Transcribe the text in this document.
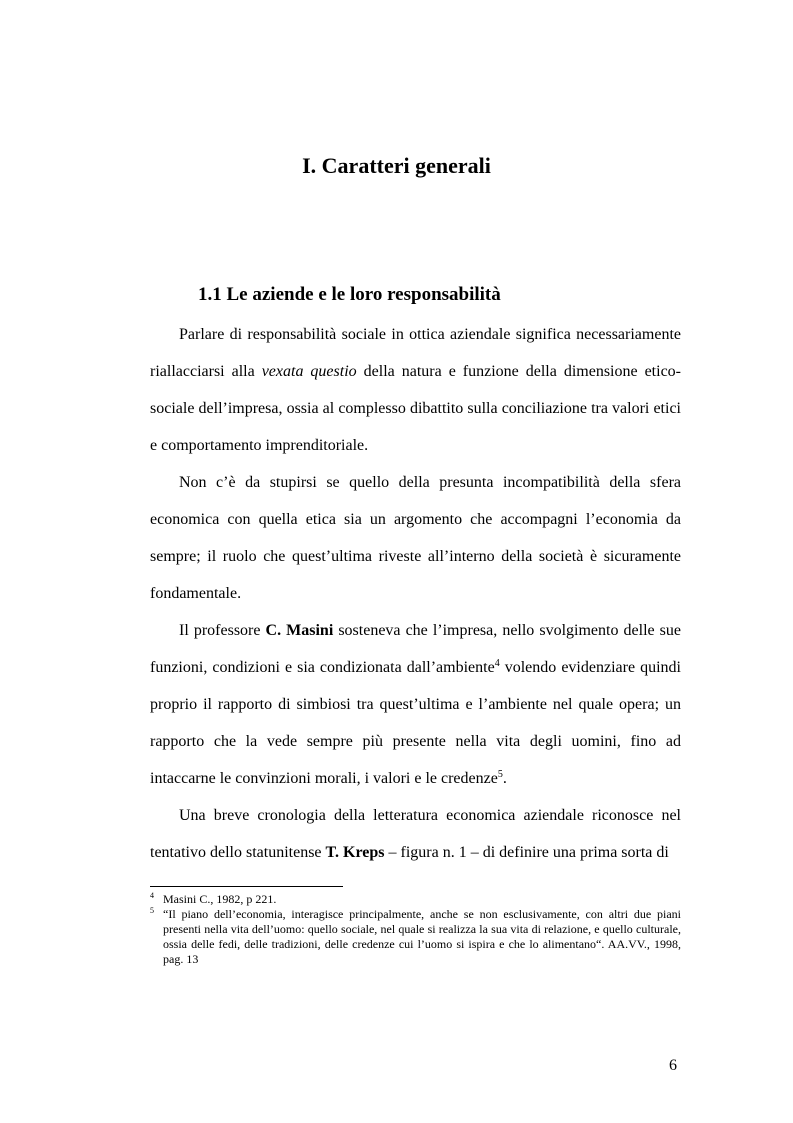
I. Caratteri generali
1.1 Le aziende e le loro responsabilità

Parlare di responsabilità sociale in ottica aziendale significa necessariamente riallacciarsi alla vexata questio della natura e funzione della dimensione etico-sociale dell’impresa, ossia al complesso dibattito sulla conciliazione tra valori etici e comportamento imprenditoriale.

Non c’è da stupirsi se quello della presunta incompatibilità della sfera economica con quella etica sia un argomento che accompagni l’economia da sempre; il ruolo che quest’ultima riveste all’interno della società è sicuramente fondamentale.

Il professore C. Masini sosteneva che l’impresa, nello svolgimento delle sue funzioni, condizioni e sia condizionata dall’ambiente$^4$ volendo evidenziare quindi proprio il rapporto di simbiosi tra quest’ultima e l’ambiente nel quale opera; un rapporto che la vede sempre più presente nella vita degli uomini, fino ad intaccarne le convinzioni morali, i valori e le credenze$^5$.

Una breve cronologia della letteratura economica aziendale riconosce nel tentativo dello statunitense T. Kreps – figura n. 1 – di definire una prima sorta di

4 Masini C., 1982, p 221.
5 “Il piano dell’economia, interagisce principalmente, anche se non esclusivamente, con altri due piani presenti nella vita dell’uomo: quello sociale, nel quale si realizza la sua vita di relazione, e quello culturale, ossia delle fedi, delle tradizioni, delle credenze cui l’uomo si ispira e che lo alimentano“. AA.VV., 1998, pag. 13
6
